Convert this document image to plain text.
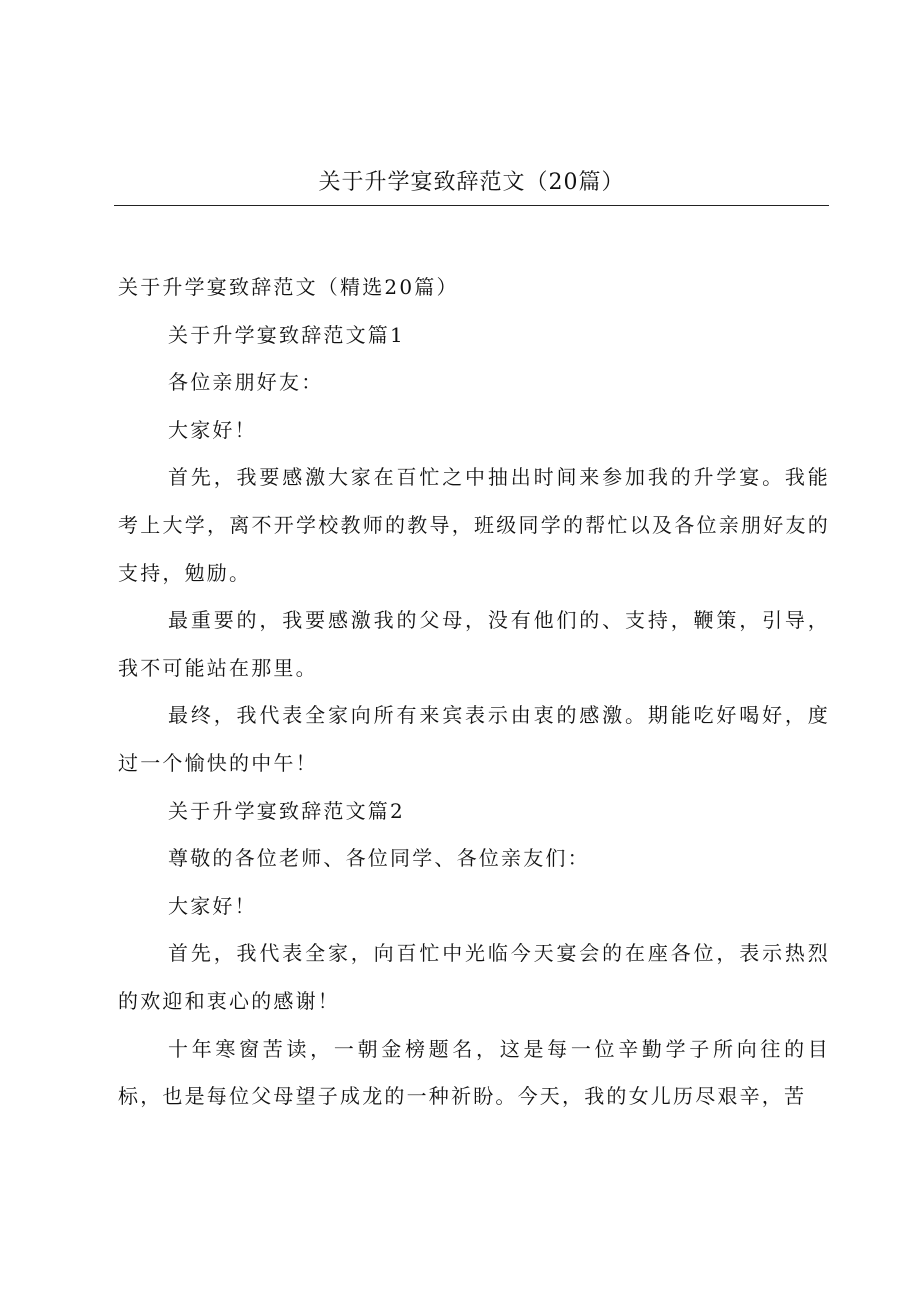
关于升学宴致辞范文（20篇）

关于升学宴致辞范文（精选20篇）

关于升学宴致辞范文篇1

各位亲朋好友：

大家好！

首先，我要感激大家在百忙之中抽出时间来参加我的升学宴。我能考上大学，离不开学校教师的教导，班级同学的帮忙以及各位亲朋好友的支持，勉励。

最重要的，我要感激我的父母，没有他们的、支持，鞭策，引导，我不可能站在那里。

最终，我代表全家向所有来宾表示由衷的感激。期能吃好喝好，度过一个愉快的中午！

关于升学宴致辞范文篇2

尊敬的各位老师、各位同学、各位亲友们：

大家好！

首先，我代表全家，向百忙中光临今天宴会的在座各位，表示热烈的欢迎和衷心的感谢！

十年寒窗苦读，一朝金榜题名，这是每一位辛勤学子所向往的目标，也是每位父母望子成龙的一种祈盼。今天，我的女儿历尽艰辛，苦
